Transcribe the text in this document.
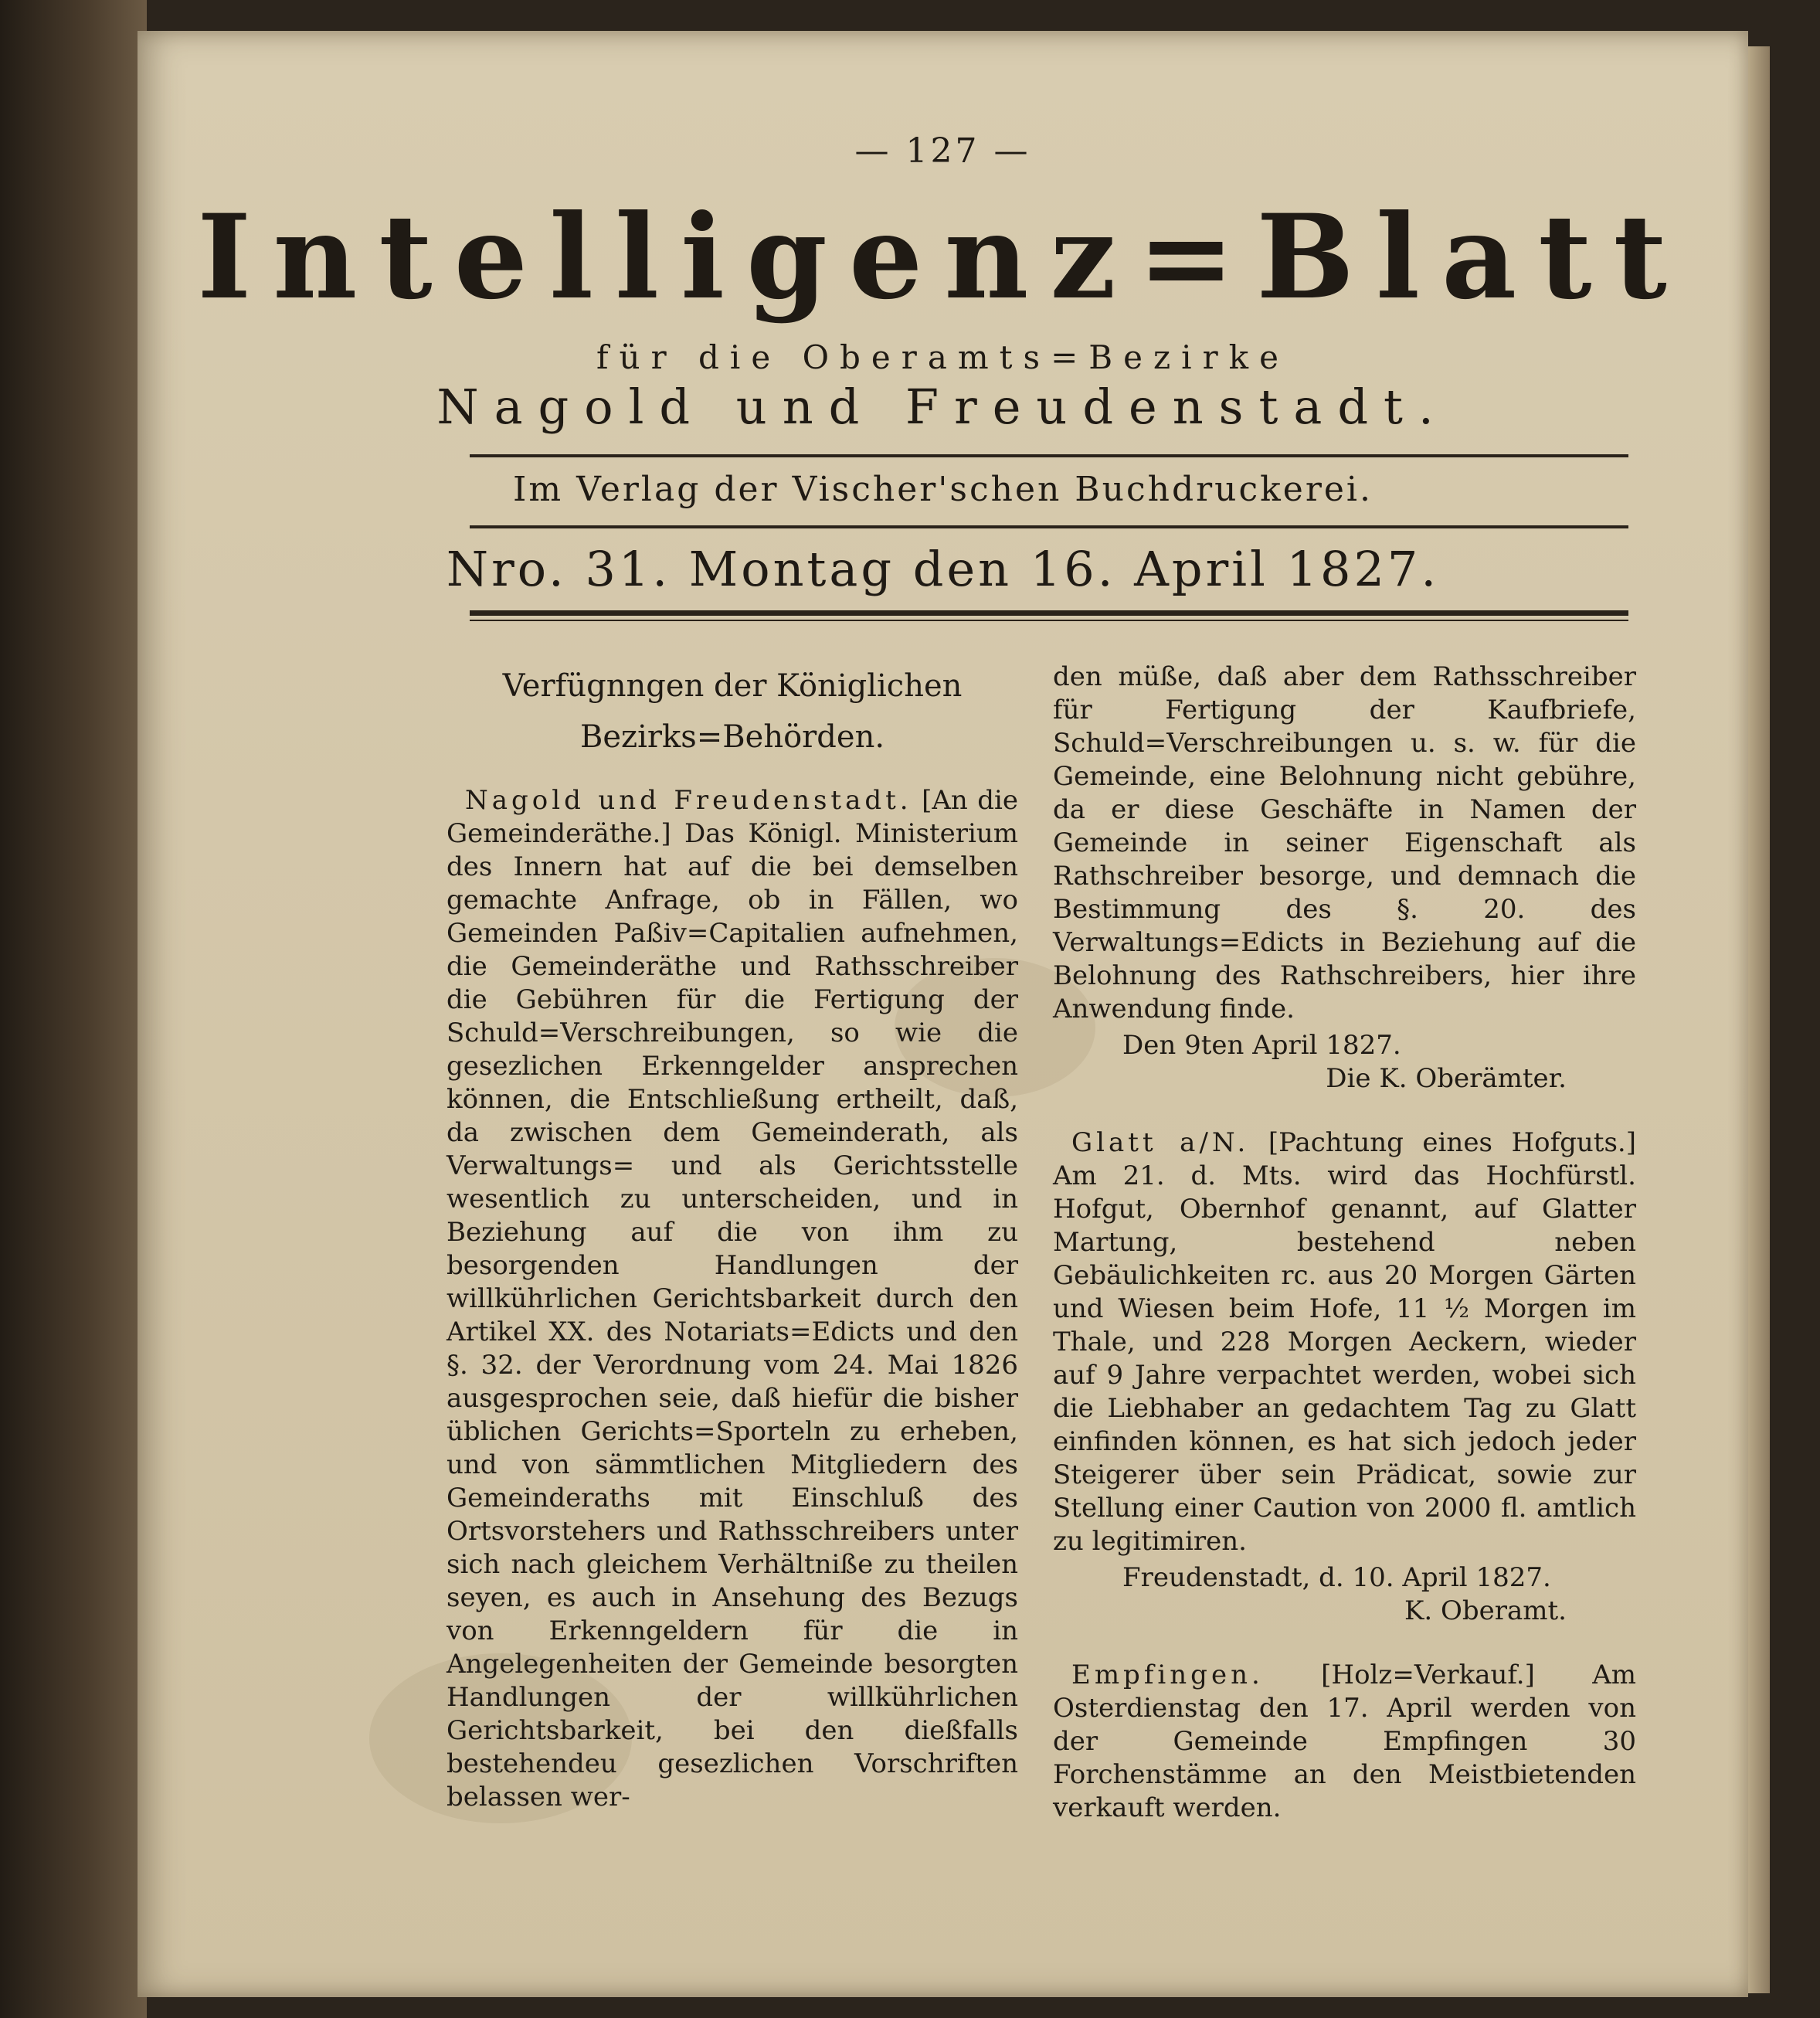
— 127 —
Intelligenz=Blatt
für die Oberamts=Bezirke
Nagold und Freudenstadt.
Im Verlag der Vischer'schen Buchdruckerei.
Nro. 31. Montag den 16. April 1827.

Verfügnngen der Königlichen Bezirks=Behörden.

Nagold und Freudenstadt. [An die Gemeinderäthe.] Das Königl. Ministerium des Innern hat auf die bei demselben gemachte Anfrage, ob in Fällen, wo Gemeinden Paßiv=Capitalien aufnehmen, die Gemeinderäthe und Rathsschreiber die Gebühren für die Fertigung der Schuld=Verschreibungen, so wie die gesezlichen Erkenngelder ansprechen können, die Entschließung ertheilt, daß, da zwischen dem Gemeinderath, als Verwaltungs= und als Gerichtsstelle wesentlich zu unterscheiden, und in Beziehung auf die von ihm zu besorgenden Handlungen der willkührlichen Gerichtsbarkeit durch den Artikel XX. des Notariats=Edicts und den §. 32. der Verordnung vom 24. Mai 1826 ausgesprochen seie, daß hiefür die bisher üblichen Gerichts=Sporteln zu erheben, und von sämmtlichen Mitgliedern des Gemeinderaths mit Einschluß des Ortsvorstehers und Rathsschreibers unter sich nach gleichem Verhältniße zu theilen seyen, es auch in Ansehung des Bezugs von Erkenngeldern für die in Angelegenheiten der Gemeinde besorgten Handlungen der willkührlichen Gerichtsbarkeit, bei den dießfalls bestehendeu gesezlichen Vorschriften belassen wer-

den müße, daß aber dem Rathsschreiber für Fertigung der Kaufbriefe, Schuld=Verschreibungen u. s. w. für die Gemeinde, eine Belohnung nicht gebühre, da er diese Geschäfte in Namen der Gemeinde in seiner Eigenschaft als Rathschreiber besorge, und demnach die Bestimmung des §. 20. des Verwaltungs=Edicts in Beziehung auf die Belohnung des Rathschreibers, hier ihre Anwendung finde.

Den 9ten April 1827.

Die K. Oberämter.

Glatt a/N. [Pachtung eines Hofguts.] Am 21. d. Mts. wird das Hochfürstl. Hofgut, Obernhof genannt, auf Glatter Martung, bestehend neben Gebäulichkeiten rc. aus 20 Morgen Gärten und Wiesen beim Hofe, 11 ½ Morgen im Thale, und 228 Morgen Aeckern, wieder auf 9 Jahre verpachtet werden, wobei sich die Liebhaber an gedachtem Tag zu Glatt einfinden können, es hat sich jedoch jeder Steigerer über sein Prädicat, sowie zur Stellung einer Caution von 2000 fl. amtlich zu legitimiren.

Freudenstadt, d. 10. April 1827.

K. Oberamt.

Empfingen. [Holz=Verkauf.] Am Osterdienstag den 17. April werden von der Gemeinde Empfingen 30 Forchenstämme an den Meistbietenden verkauft werden.
